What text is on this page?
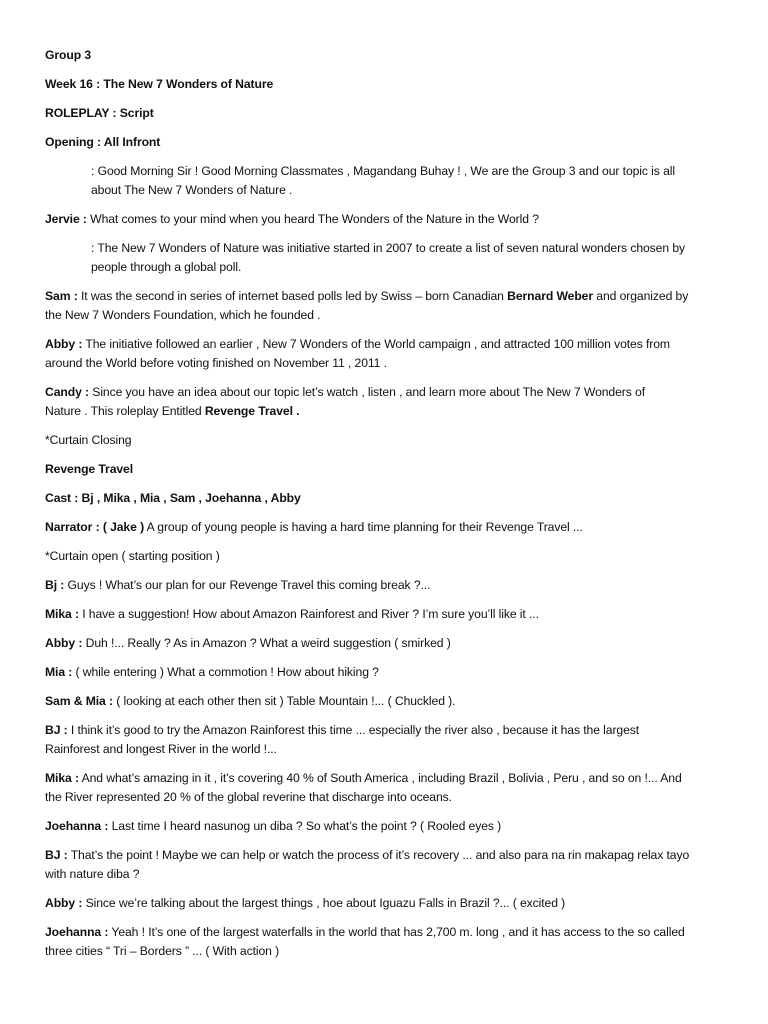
Group 3
Week 16 : The New 7 Wonders of Nature
ROLEPLAY : Script
Opening : All Infront
: Good Morning Sir ! Good Morning Classmates , Magandang Buhay ! , We are the Group 3 and our topic is all
about The New 7 Wonders of Nature .
Jervie : What comes to your mind when you heard The Wonders of the Nature in the World ?
: The New 7 Wonders of Nature was initiative started in 2007 to create a list of seven natural wonders chosen by
people through a global poll.
Sam : It was the second in series of internet based polls led by Swiss – born Canadian Bernard Weber and organized by
the New 7 Wonders Foundation, which he founded .
Abby : The initiative followed an earlier , New 7 Wonders of the World campaign , and attracted 100 million votes from
around the World before voting finished on November 11 , 2011 .
Candy : Since you have an idea about our topic let’s watch , listen , and learn more about The New 7 Wonders of
Nature . This roleplay Entitled Revenge Travel .
*Curtain Closing
Revenge Travel
Cast : Bj , Mika , Mia , Sam , Joehanna , Abby
Narrator : ( Jake ) A group of young people is having a hard time planning for their Revenge Travel ...
*Curtain open ( starting position )
Bj : Guys ! What’s our plan for our Revenge Travel this coming break ?...
Mika : I have a suggestion! How about Amazon Rainforest and River ? I’m sure you’ll like it ...
Abby : Duh !... Really ? As in Amazon ? What a weird suggestion ( smirked )
Mia : ( while entering ) What a commotion ! How about hiking ?
Sam & Mia : ( looking at each other then sit ) Table Mountain !... ( Chuckled ).
BJ : I think it’s good to try the Amazon Rainforest this time ... especially the river also , because it has the largest
Rainforest and longest River in the world !...
Mika : And what’s amazing in it , it’s covering 40 % of South America , including Brazil , Bolivia , Peru , and so on !... And
the River represented 20 % of the global reverine that discharge into oceans.
Joehanna : Last time I heard nasunog un diba ? So what’s the point ? ( Rooled eyes )
BJ : That’s the point ! Maybe we can help or watch the process of it’s recovery ... and also para na rin makapag relax tayo
with nature diba ?
Abby : Since we’re talking about the largest things , hoe about Iguazu Falls in Brazil ?... ( excited )
Joehanna : Yeah ! It’s one of the largest waterfalls in the world that has 2,700 m. long , and it has access to the so called
three cities “ Tri – Borders ” ... ( With action )
